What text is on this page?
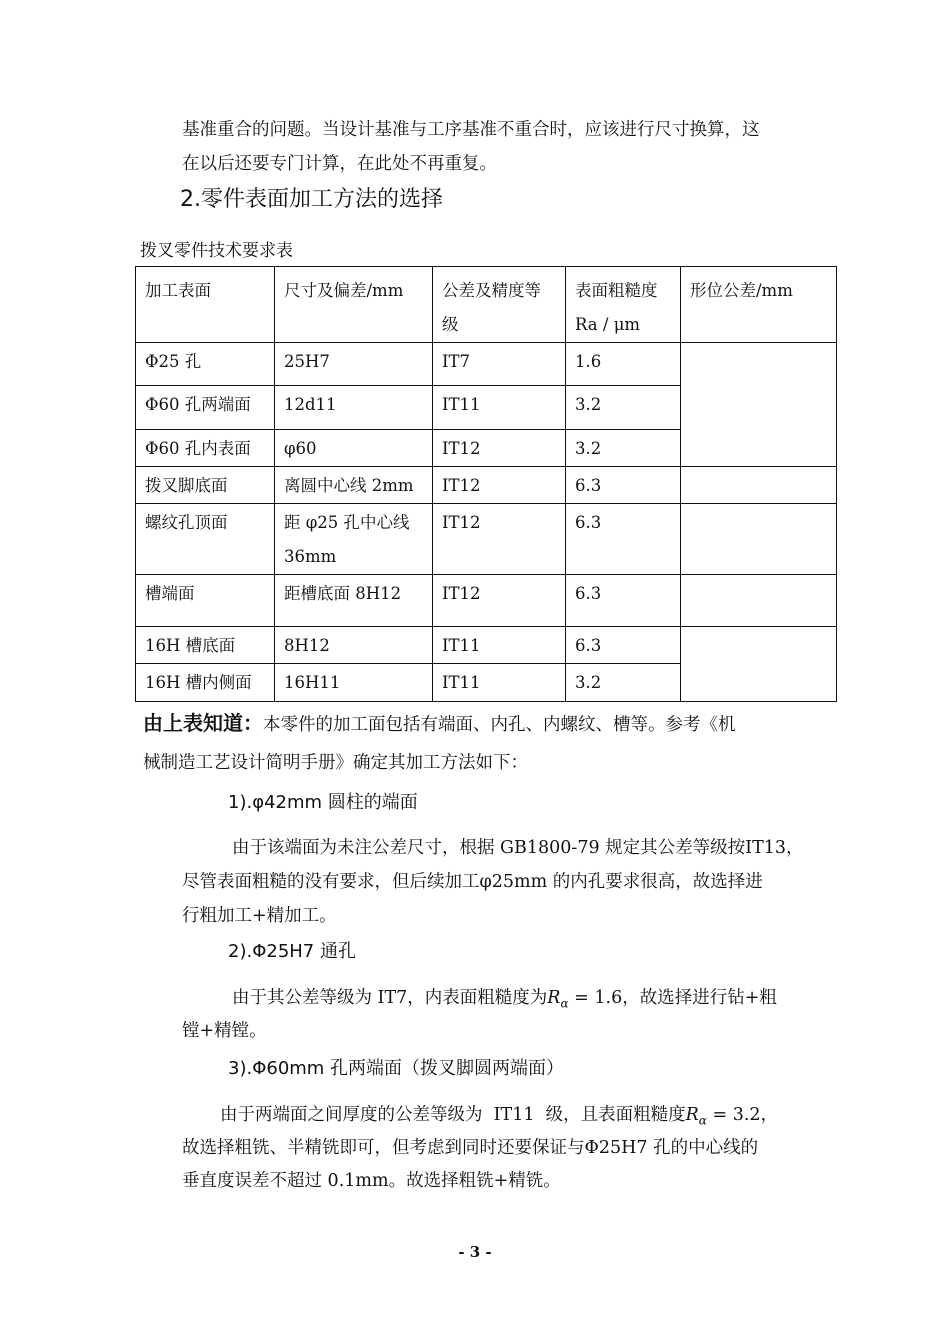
基准重合的问题。当设计基准与工序基准不重合时，应该进行尺寸换算，这
在以后还要专门计算，在此处不再重复。
2.零件表面加工方法的选择
拨叉零件技术要求表
加工表面	尺寸及偏差/mm	公差及精度等级	表面粗糙度Ra / μm	形位公差/mm
Φ25 孔	25H7	IT7	1.6	
Φ60 孔两端面	12d11	IT11	3.2	
Φ60 孔内表面	φ60	IT12	3.2	
拨叉脚底面	离圆中心线 2mm	IT12	6.3	
螺纹孔顶面	距 φ25 孔中心线 36mm	IT12	6.3	
槽端面	距槽底面 8H12	IT12	6.3	
16H 槽底面	8H12	IT11	6.3	
16H 槽内侧面	16H11	IT11	3.2	
由上表知道：本零件的加工面包括有端面、内孔、内螺纹、槽等。参考《机
械制造工艺设计简明手册》确定其加工方法如下：
1).φ42mm 圆柱的端面
由于该端面为未注公差尺寸，根据 GB1800-79 规定其公差等级按IT13，
尽管表面粗糙的没有要求，但后续加工φ25mm 的内孔要求很高，故选择进
行粗加工+精加工。
2).Φ25H7 通孔
由于其公差等级为 IT7，内表面粗糙度为$R_\alpha = 1.6$，故选择进行钻+粗
镗+精镗。
3).Φ60mm 孔两端面（拨叉脚圆两端面）
由于两端面之间厚度的公差等级为  IT11  级，且表面粗糙度$R_\alpha = 3.2$，
故选择粗铣、半精铣即可，但考虑到同时还要保证与Φ25H7 孔的中心线的
垂直度误差不超过 0.1mm。故选择粗铣+精铣。
- 3 -
